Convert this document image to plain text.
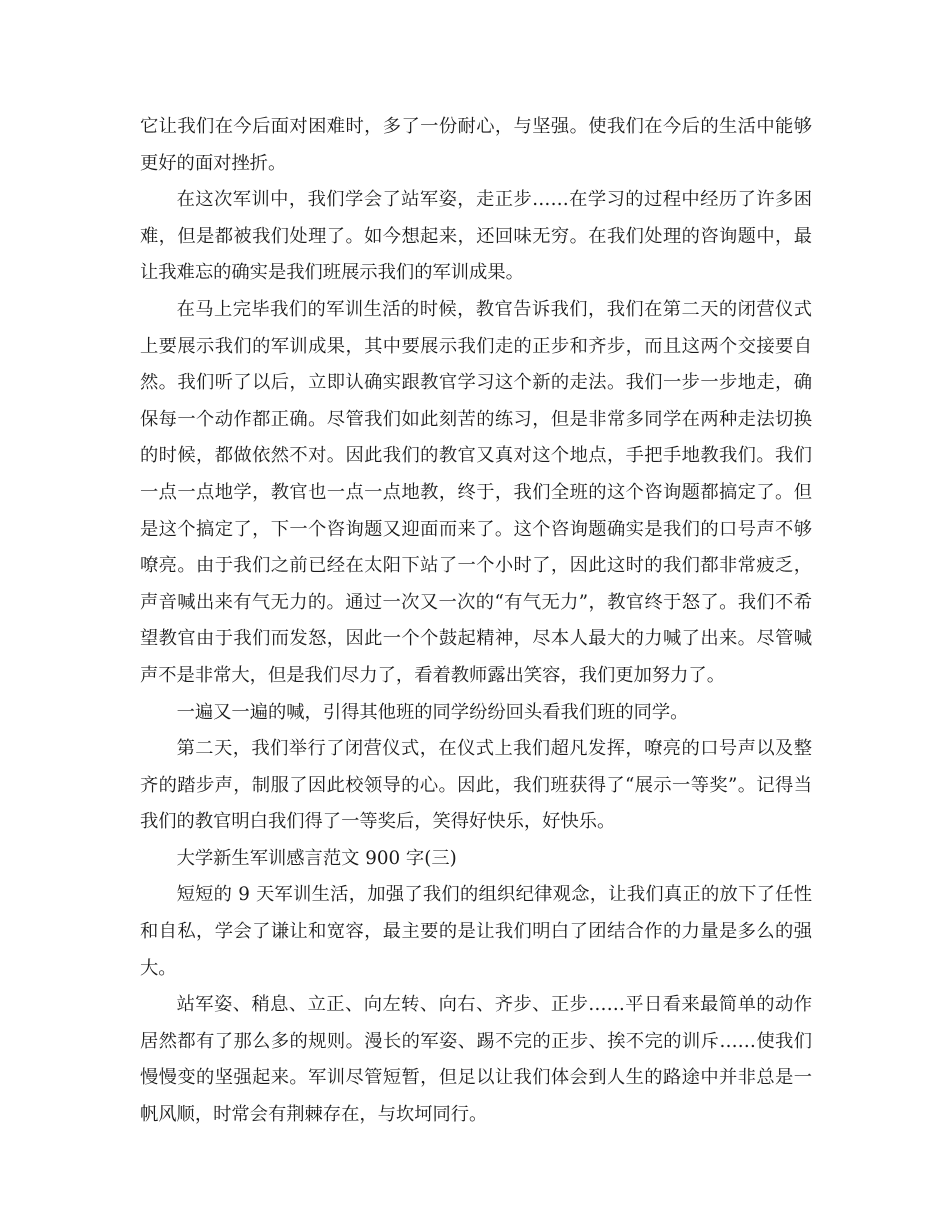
它让我们在今后面对困难时，多了一份耐心，与坚强。使我们在今后的生活中能够更好的面对挫折。

在这次军训中，我们学会了站军姿，走正步……在学习的过程中经历了许多困难，但是都被我们处理了。如今想起来，还回味无穷。在我们处理的咨询题中，最让我难忘的确实是我们班展示我们的军训成果。

在马上完毕我们的军训生活的时候，教官告诉我们，我们在第二天的闭营仪式上要展示我们的军训成果，其中要展示我们走的正步和齐步，而且这两个交接要自然。我们听了以后，立即认确实跟教官学习这个新的走法。我们一步一步地走，确保每一个动作都正确。尽管我们如此刻苦的练习，但是非常多同学在两种走法切换的时候，都做依然不对。因此我们的教官又真对这个地点，手把手地教我们。我们一点一点地学，教官也一点一点地教，终于，我们全班的这个咨询题都搞定了。但是这个搞定了，下一个咨询题又迎面而来了。这个咨询题确实是我们的口号声不够嘹亮。由于我们之前已经在太阳下站了一个小时了，因此这时的我们都非常疲乏，声音喊出来有气无力的。通过一次又一次的“有气无力”，教官终于怒了。我们不希望教官由于我们而发怒，因此一个个鼓起精神，尽本人最大的力喊了出来。尽管喊声不是非常大，但是我们尽力了，看着教师露出笑容，我们更加努力了。

一遍又一遍的喊，引得其他班的同学纷纷回头看我们班的同学。

第二天，我们举行了闭营仪式，在仪式上我们超凡发挥，嘹亮的口号声以及整齐的踏步声，制服了因此校领导的心。因此，我们班获得了“展示一等奖”。记得当我们的教官明白我们得了一等奖后，笑得好快乐，好快乐。

大学新生军训感言范文 900 字(三)

短短的 9 天军训生活，加强了我们的组织纪律观念，让我们真正的放下了任性和自私，学会了谦让和宽容，最主要的是让我们明白了团结合作的力量是多么的强大。

站军姿、稍息、立正、向左转、向右、齐步、正步……平日看来最简单的动作居然都有了那么多的规则。漫长的军姿、踢不完的正步、挨不完的训斥……使我们慢慢变的坚强起来。军训尽管短暂，但足以让我们体会到人生的路途中并非总是一帆风顺，时常会有荆棘存在，与坎坷同行。
